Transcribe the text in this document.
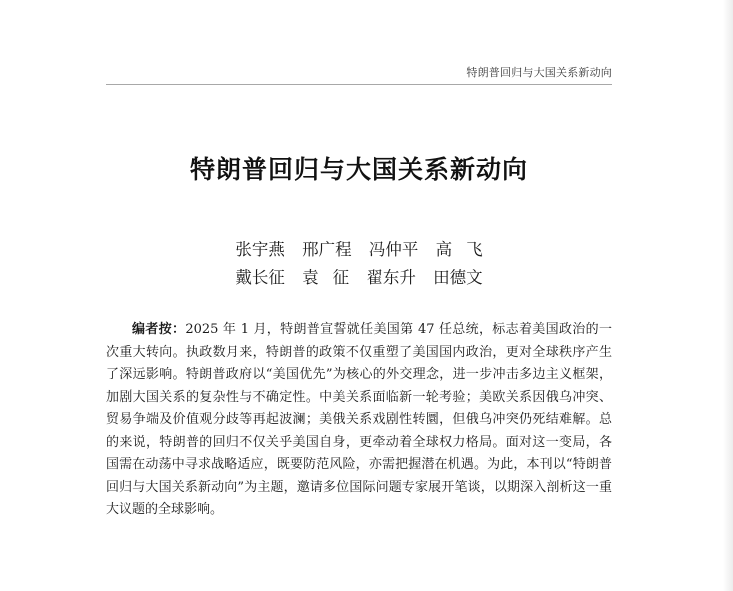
特朗普回归与大国关系新动向
特朗普回归与大国关系新动向
张宇燕 邢广程 冯仲平 高飞
戴长征 袁征 翟东升 田德文
编者按：2025 年 1 月，特朗普宣誓就任美国第 47 任总统，标志着美国政治的一次重大转向。执政数月来，特朗普的政策不仅重塑了美国国内政治，更对全球秩序产生了深远影响。特朗普政府以“美国优先”为核心的外交理念，进一步冲击多边主义框架，加剧大国关系的复杂性与不确定性。中美关系面临新一轮考验；美欧关系因俄乌冲突、贸易争端及价值观分歧等再起波澜；美俄关系戏剧性转圜，但俄乌冲突仍死结难解。总的来说，特朗普的回归不仅关乎美国自身，更牵动着全球权力格局。面对这一变局，各国需在动荡中寻求战略适应，既要防范风险，亦需把握潜在机遇。为此，本刊以“特朗普回归与大国关系新动向”为主题，邀请多位国际问题专家展开笔谈，以期深入剖析这一重大议题的全球影响。
